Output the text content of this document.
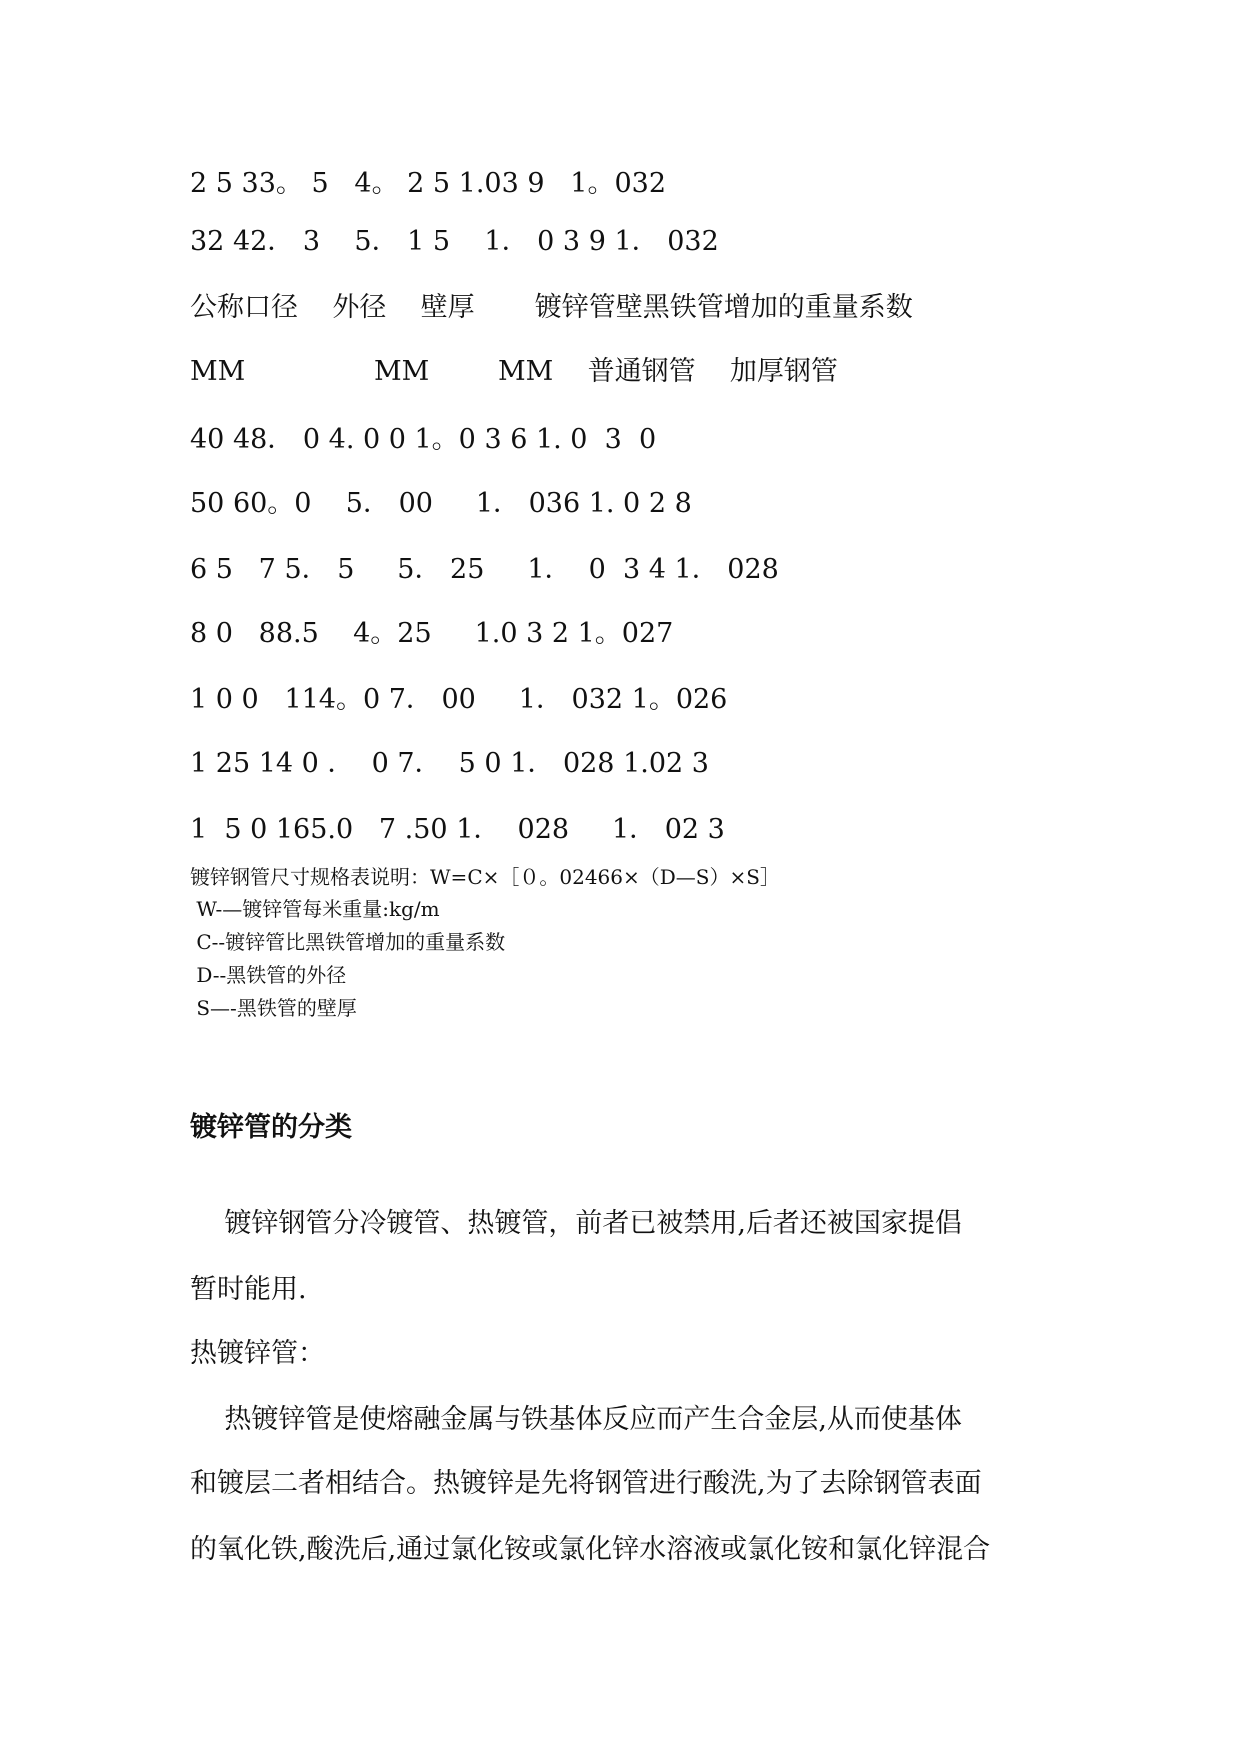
2 5 33。 5   4。 2 5 1.03 9   1。032
32 42． 3    5． 1 5    1． 0 3 9 1． 032
公称口径    外径    壁厚       镀锌管壁黑铁管增加的重量系数
MM               MM        MM    普通钢管    加厚钢管
40 48． 0 4. 0 0 1。0 3 6 1. 0  3  0
50 60。0    5． 00     1． 036 1. 0 2 8
6 5   7 5． 5     5． 25     1．  0  3 4 1． 028
8 0   88.5    4。25     1.0 3 2 1。027
1 0 0   114。0 7． 00     1． 032 1。026
1 25 14 0 ．  0 7．  5 0 1． 028 1.02 3
1  5 0 165.0   7 .50 1．  028     1． 02 3
镀锌钢管尺寸规格表说明：W=C×［０。02466×（D—S）×S］
W-—镀锌管每米重量:kg/m
C--镀锌管比黑铁管增加的重量系数
D--黑铁管的外径
S—-黑铁管的壁厚
镀锌管的分类
镀锌钢管分冷镀管、热镀管，前者已被禁用,后者还被国家提倡
暂时能用.
热镀锌管：
热镀锌管是使熔融金属与铁基体反应而产生合金层,从而使基体
和镀层二者相结合。热镀锌是先将钢管进行酸洗,为了去除钢管表面
的氧化铁,酸洗后,通过氯化铵或氯化锌水溶液或氯化铵和氯化锌混合
